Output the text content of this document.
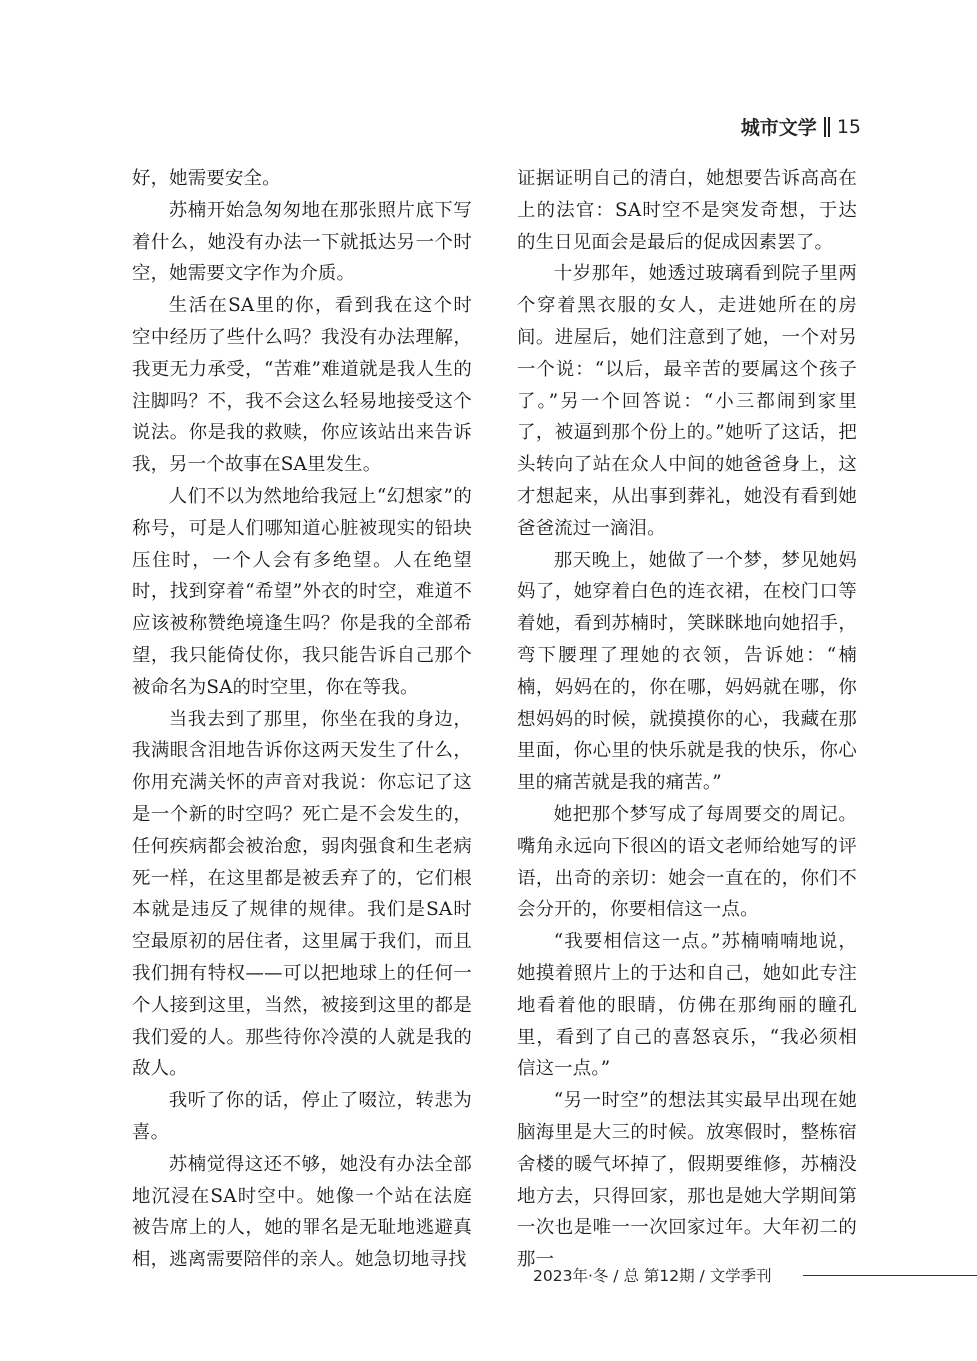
城市文学 15

好，她需要安全。

苏楠开始急匆匆地在那张照片底下写着什么，她没有办法一下就抵达另一个时空，她需要文字作为介质。

生活在SA里的你，看到我在这个时空中经历了些什么吗？我没有办法理解，我更无力承受，“苦难”难道就是我人生的注脚吗？不，我不会这么轻易地接受这个说法。你是我的救赎，你应该站出来告诉我，另一个故事在SA里发生。

人们不以为然地给我冠上“幻想家”的称号，可是人们哪知道心脏被现实的铅块压住时，一个人会有多绝望。人在绝望时，找到穿着“希望”外衣的时空，难道不应该被称赞绝境逢生吗？你是我的全部希望，我只能倚仗你，我只能告诉自己那个被命名为SA的时空里，你在等我。

当我去到了那里，你坐在我的身边，我满眼含泪地告诉你这两天发生了什么，你用充满关怀的声音对我说：你忘记了这是一个新的时空吗？死亡是不会发生的，任何疾病都会被治愈，弱肉强食和生老病死一样，在这里都是被丢弃了的，它们根本就是违反了规律的规律。我们是SA时空最原初的居住者，这里属于我们，而且我们拥有特权——可以把地球上的任何一个人接到这里，当然，被接到这里的都是我们爱的人。那些待你冷漠的人就是我的敌人。

我听了你的话，停止了啜泣，转悲为喜。

苏楠觉得这还不够，她没有办法全部地沉浸在SA时空中。她像一个站在法庭被告席上的人，她的罪名是无耻地逃避真相，逃离需要陪伴的亲人。她急切地寻找

证据证明自己的清白，她想要告诉高高在上的法官：SA时空不是突发奇想，于达的生日见面会是最后的促成因素罢了。

十岁那年，她透过玻璃看到院子里两个穿着黑衣服的女人，走进她所在的房间。进屋后，她们注意到了她，一个对另一个说：“以后，最辛苦的要属这个孩子了。”另一个回答说：“小三都闹到家里了，被逼到那个份上的。”她听了这话，把头转向了站在众人中间的她爸爸身上，这才想起来，从出事到葬礼，她没有看到她爸爸流过一滴泪。

那天晚上，她做了一个梦，梦见她妈妈了，她穿着白色的连衣裙，在校门口等着她，看到苏楠时，笑眯眯地向她招手，弯下腰理了理她的衣领，告诉她：“楠楠，妈妈在的，你在哪，妈妈就在哪，你想妈妈的时候，就摸摸你的心，我藏在那里面，你心里的快乐就是我的快乐，你心里的痛苦就是我的痛苦。”

她把那个梦写成了每周要交的周记。嘴角永远向下很凶的语文老师给她写的评语，出奇的亲切：她会一直在的，你们不会分开的，你要相信这一点。

“我要相信这一点。”苏楠喃喃地说，她摸着照片上的于达和自己，她如此专注地看着他的眼睛，仿佛在那绚丽的瞳孔里，看到了自己的喜怒哀乐，“我必须相信这一点。”

“另一时空”的想法其实最早出现在她脑海里是大三的时候。放寒假时，整栋宿舍楼的暖气坏掉了，假期要维修，苏楠没地方去，只得回家，那也是她大学期间第一次也是唯一一次回家过年。大年初二的那一

2023年·冬 / 总 第12期 / 文学季刊
